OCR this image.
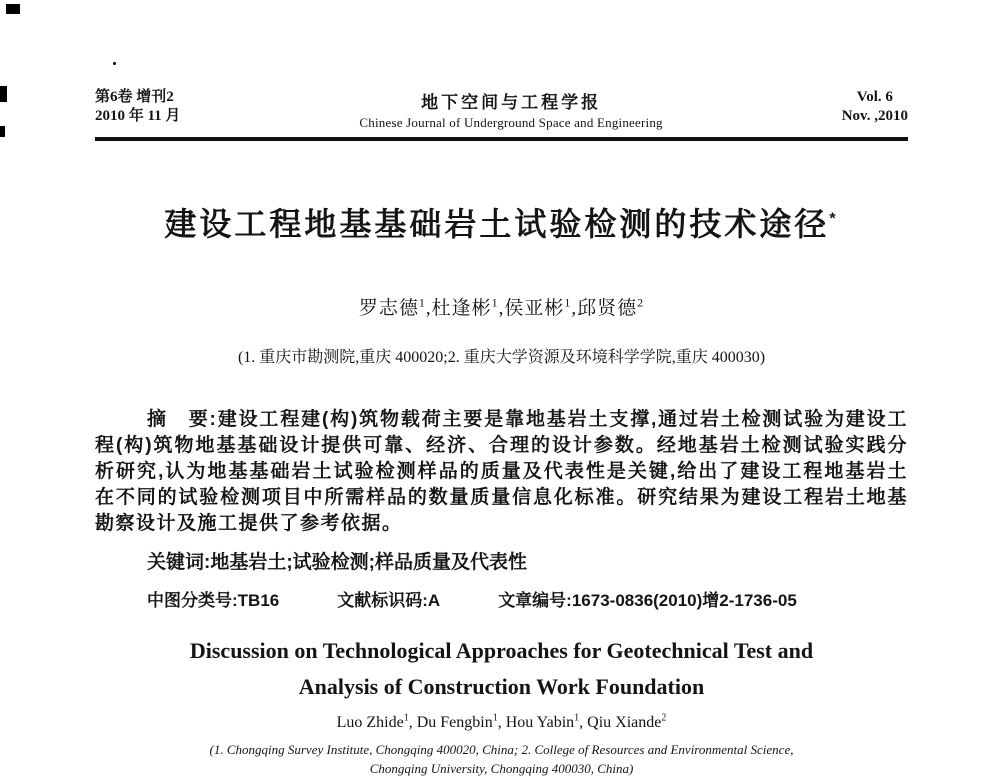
第6卷 增刊2
2010 年 11 月
地下空间与工程学报
Chinese Journal of Underground Space and Engineering
Vol. 6
Nov. ,2010
建设工程地基基础岩土试验检测的技术途径*
罗志德$^1$,杜逢彬$^1$,侯亚彬$^1$,邱贤德$^2$
(1. 重庆市勘测院,重庆 400020;2. 重庆大学资源及环境科学学院,重庆 400030)
摘　要:建设工程建(构)筑物载荷主要是靠地基岩土支撑,通过岩土检测试验为建设工程(构)筑物地基基础设计提供可靠、经济、合理的设计参数。经地基岩土检测试验实践分析研究,认为地基基础岩土试验检测样品的质量及代表性是关键,给出了建设工程地基岩土在不同的试验检测项目中所需样品的数量质量信息化标准。研究结果为建设工程岩土地基勘察设计及施工提供了参考依据。
关键词:地基岩土;试验检测;样品质量及代表性
中图分类号:TB16	文献标识码:A	文章编号:1673-0836(2010)增2-1736-05
Discussion on Technological Approaches for Geotechnical Test and
Analysis of Construction Work Foundation
Luo Zhide$^1$, Du Fengbin$^1$, Hou Yabin$^1$, Qiu Xiande$^2$
(1. Chongqing Survey Institute, Chongqing 400020, China; 2. College of Resources and Environmental Science,
Chongqing University, Chongqing 400030, China)
